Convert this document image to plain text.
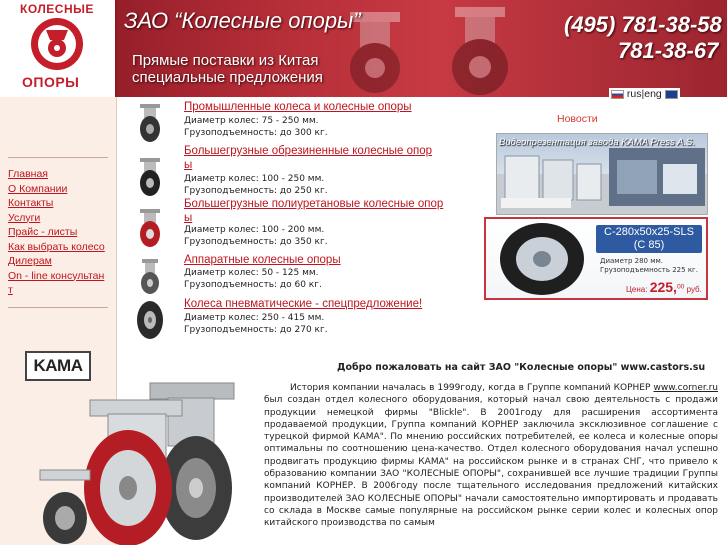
КОЛЕСНЫЕ
ОПОРЫ
ЗАО “Колесные опоры”
Прямые поставки из Китая
специальные предложения
(495) 781-38-58
781-38-67
Главная
О Компании
Контакты
Услуги
Прайс - листы
Как выбрать колесо
Дилерам
On - line консультан
т
KAMA
Промышленные колеса и колесные опоры
Диаметр колес: 75 - 250 мм.
Грузоподъемность: до 300 кг.
Большегрузные обрезиненные колесные опор
ы
Диаметр колес: 100 - 250 мм.
Грузоподъемность: до 250 кг.
Большегрузные полиуретановые колесные опор
ы
Диаметр колес: 100 - 200 мм.
Грузоподъемность: до 350 кг.
Аппаратные колесные опоры
Диаметр колес: 50 - 125 мм.
Грузоподъемность: до 60 кг.
Колеса пневматические - спецпредложение!
Диаметр колес: 250 - 415 мм.
Грузоподъемность: до 270 кг.
rus|eng
Новости
Видеопрезентация завода KAMA Press A.S.
C-280x50x25-SLS
(C 85)
Диаметр 280 мм.
Грузоподъемность 225 кг.
Цена: 225,00 руб.
Добро пожаловать на сайт ЗАО "Колесные опоры" www.castors.su
История компании началась в 1999году, когда в Группе компаний КОРНЕР www.corner.ru был создан отдел колесного оборудования, который начал свою деятельность с продажи продукции немецкой фирмы "Blickle". В 2001году для расширения ассортимента продаваемой продукции, Группа компаний КОРНЕР заключила эксклюзивное соглашение с турецкой фирмой КАМА". По мнению российских потребителей, ее колеса и колесные опоры оптимальны по соотношению цена-качество. Отдел колесного оборудования начал успешно продвигать продукцию фирмы КАМА" на российском рынке и в странах СНГ, что привело к образованию компании ЗАО "КОЛЕСНЫЕ ОПОРЫ", сохранившей все лучшие традиции Группы компаний КОРНЕР. В 2006году после тщательного исследования предложений китайских производителей ЗАО КОЛЕСНЫЕ ОПОРЫ" начали самостоятельно импортировать и продавать со склада в Москве самые популярные на российском рынке серии колес и колесных опор китайского производства по самым
